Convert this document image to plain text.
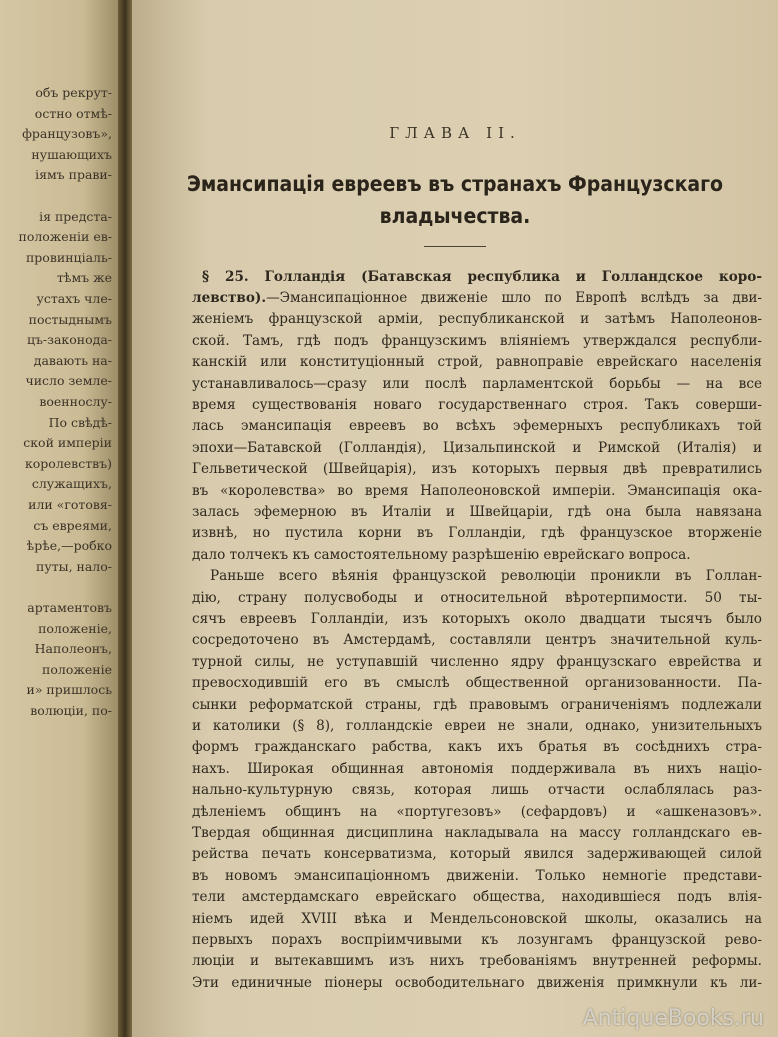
объ рекрут-
остно отмѣ-
французовъ»,
нушающихъ
іямъ прави-
ія предста-
положеніи ев-
провинціаль-
тѣмъ же
устахъ чле-
постыднымъ
цъ-законода-
давають на-
число земле-
военнослу-
По свѣдѣ-
ской имперіи
королевствъ)
служащихъ,
или «готовя-
съ евреями,
ѣрѣе,—робко
путы, нало-
артаментовъ
положеніе,
Наполеонъ,
положеніе
и» пришлось
волюціи, по-
ГЛАВА II.
Эмансипація евреевъ въ странахъ Французскаго
владычества.
§ 25. Голландія (Батавская республика и Голландское коро-
левство).—Эмансипаціонное движеніе шло по Европѣ вслѣдъ за дви-
женіемъ французской арміи, республиканской и затѣмъ Наполеонов-
ской. Тамъ, гдѣ подъ французскимъ вліяніемъ утверждался республи-
канскій или конституціонный строй, равноправіе еврейскаго населенія
устанавливалось—сразу или послѣ парламентской борьбы — на все
время существованія новаго государственнаго строя. Такъ соверши-
лась эмансипація евреевъ во всѣхъ эфемерныхъ республикахъ той
эпохи—Батавской (Голландія), Цизальпинской и Римской (Италія) и
Гельветической (Швейцарія), изъ которыхъ первыя двѣ превратились
въ «королевства» во время Наполеоновской имперіи. Эмансипація ока-
залась эфемерною въ Италіи и Швейцаріи, гдѣ она была навязана
извнѣ, но пустила корни въ Голландіи, гдѣ французское вторженіе
дало толчекъ къ самостоятельному разрѣшенію еврейскаго вопроса.
Раньше всего вѣянія французской революціи проникли въ Голлан-
дію, страну полусвободы и относительной вѣротерпимости. 50 ты-
сячъ евреевъ Голландіи, изъ которыхъ около двадцати тысячъ было
сосредоточено въ Амстердамѣ, составляли центръ значительной куль-
турной силы, не уступавшій численно ядру французскаго еврейства и
превосходившій его въ смыслѣ общественной организованности. Па-
сынки реформатской страны, гдѣ правовымъ ограниченіямъ подлежали
и католики (§ 8), голландскіе евреи не знали, однако, унизительныхъ
формъ гражданскаго рабства, какъ ихъ братья въ сосѣднихъ стра-
нахъ. Широкая общинная автономія поддерживала въ нихъ націо-
нально-культурную связь, которая лишь отчасти ослаблялась раз-
дѣленіемъ общинъ на «португезовъ» (сефардовъ) и «ашкеназовъ».
Твердая общинная дисциплина накладывала на массу голландскаго ев-
рейства печать консерватизма, который явился задерживающей силой
въ новомъ эмансипаціонномъ движеніи. Только немногіе представи-
тели амстердамскаго еврейскаго общества, находившіеся подъ влія-
ніемъ идей XVIII вѣка и Мендельсоновской школы, оказались на
первыхъ порахъ воспріимчивыми къ лозунгамъ французской рево-
люціи и вытекавшимъ изъ нихъ требованіямъ внутренней реформы.
Эти единичные піонеры освободительнаго движенія примкнули къ ли-
AntiqueBooks.ru
